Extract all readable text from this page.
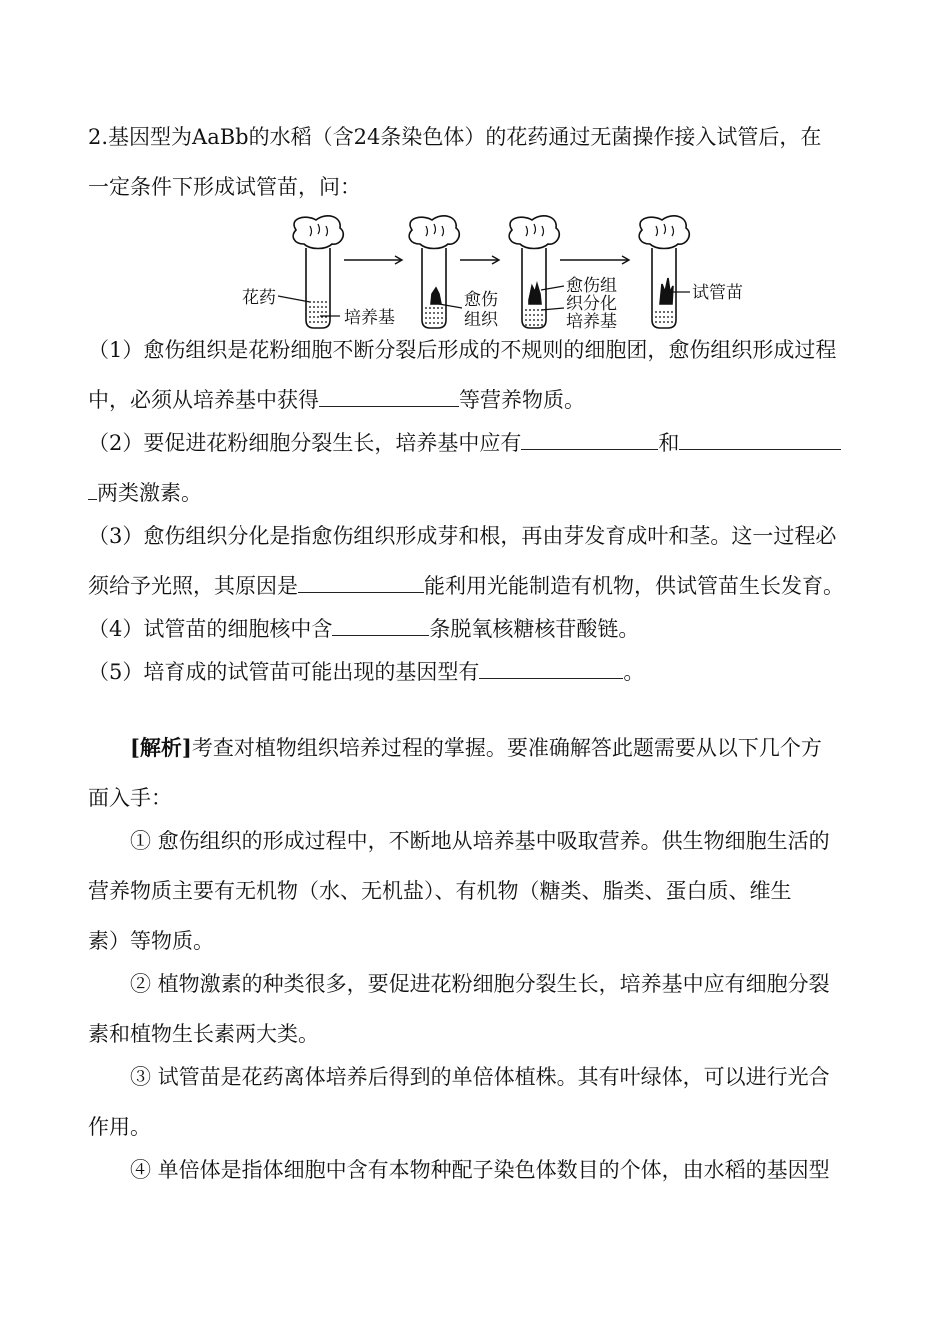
2.基因型为AaBb的水稻（含24条染色体）的花药通过无菌操作接入试管后，在
一定条件下形成试管苗，问：
花药
培养基
愈伤
组织
愈伤组
织分化
培养基
试管苗
（1）愈伤组织是花粉细胞不断分裂后形成的不规则的细胞团，愈伤组织形成过程
中，必须从培养基中获得	等营养物质。
（2）要促进花粉细胞分裂生长，培养基中应有	和
两类激素。
（3）愈伤组织分化是指愈伤组织形成芽和根，再由芽发育成叶和茎。这一过程必
须给予光照，其原因是	能利用光能制造有机物，供试管苗生长发育。
（4）试管苗的细胞核中含	条脱氧核糖核苷酸链。
（5）培育成的试管苗可能出现的基因型有	。
[解析]考查对植物组织培养过程的掌握。要准确解答此题需要从以下几个方
面入手：
① 愈伤组织的形成过程中，不断地从培养基中吸取营养。供生物细胞生活的
营养物质主要有无机物（水、无机盐）、有机物（糖类、脂类、蛋白质、维生
素）等物质。
② 植物激素的种类很多，要促进花粉细胞分裂生长，培养基中应有细胞分裂
素和植物生长素两大类。
③ 试管苗是花药离体培养后得到的单倍体植株。其有叶绿体，可以进行光合
作用。
④ 单倍体是指体细胞中含有本物种配子染色体数目的个体，由水稻的基因型
